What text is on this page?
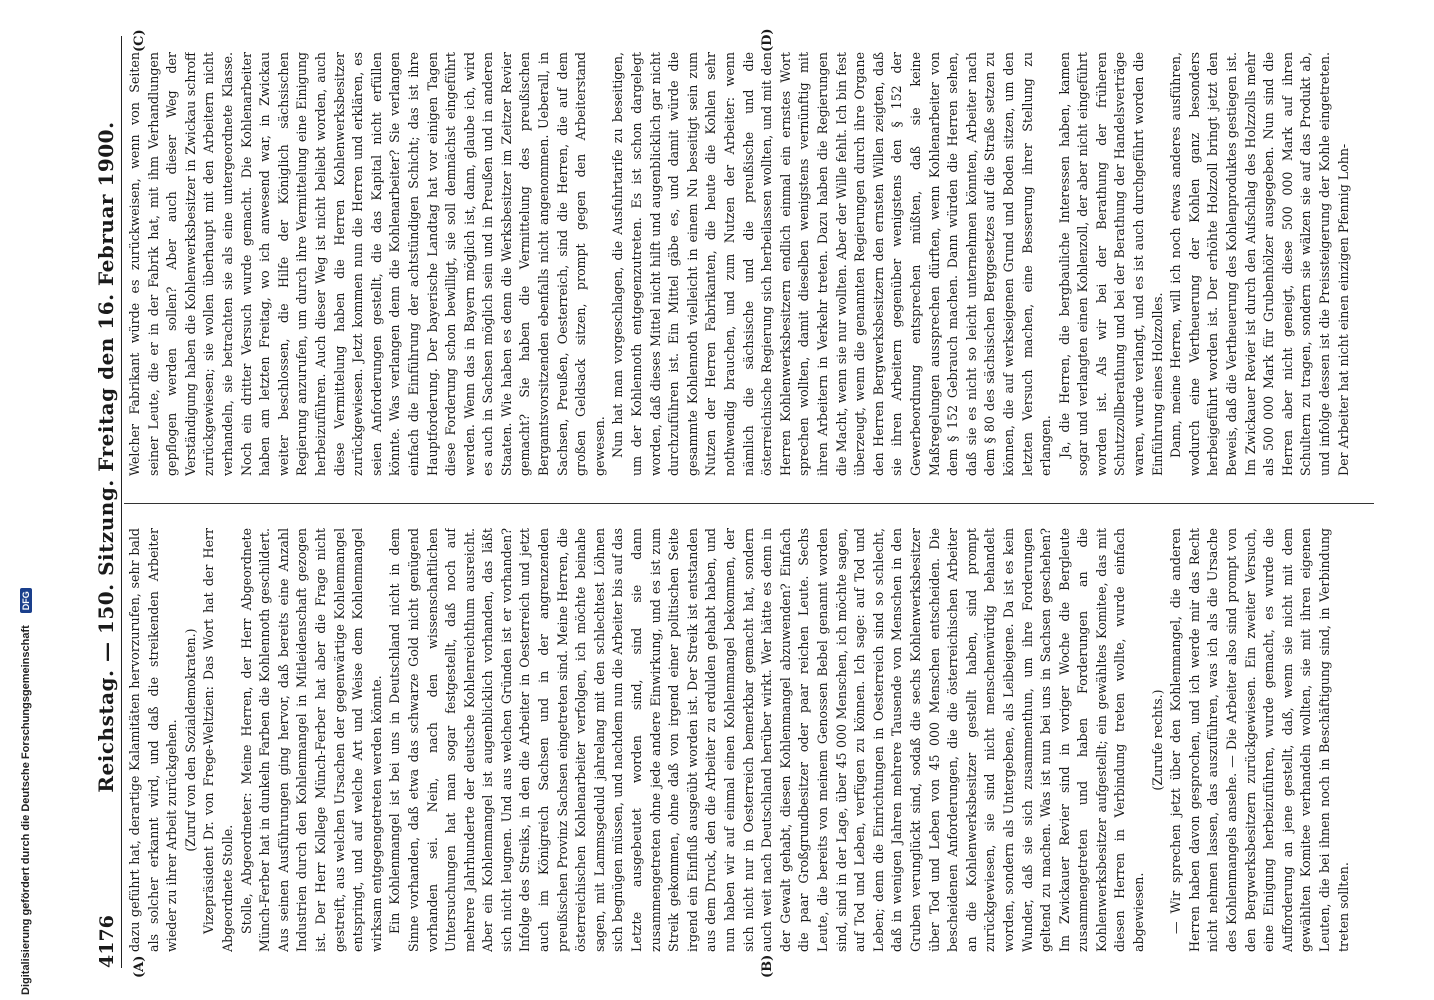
4176
Reichstag. — 150. Sitzung. Freitag den 16. Februar 1900.
(A)	(B)
(C)	(D)

dazu geführt hat, derartige Kalamitäten hervorzurufen, sehr bald als solcher erkannt wird, und daß die streikenden Arbeiter wieder zu ihrer Arbeit zurückgehen. (Zuruf von den Sozialdemokraten.) Vizepräsident Dr. von Frege-Weltzien: Das Wort hat der Herr Abgeordnete Stolle. Stolle, Abgeordneter: Meine Herren, der Herr Abgeordnete Münch-Ferber hat in dunkeln Farben die Kohlennoth geschildert. Aus seinen Ausführungen ging hervor, daß bereits eine Anzahl Industrien durch den Kohlenmangel in Mitleidenschaft gezogen ist. Der Herr Kollege Münch-Ferber hat aber die Frage nicht gestreift, aus welchen Ursachen der gegenwärtige Kohlenmangel entspringt, und auf welche Art und Weise dem Kohlenmangel wirksam entgegengetreten werden könnte. Ein Kohlenmangel ist bei uns in Deutschland nicht in dem Sinne vorhanden, daß etwa das schwarze Gold nicht genügend vorhanden sei. Nein, nach den wissenschaftlichen Untersuchungen hat man sogar festgestellt, daß noch auf mehrere Jahrhunderte der deutsche Kohlenreichthum ausreicht. Aber ein Kohlenmangel ist augenblicklich vorhanden, das läßt sich nicht leugnen. Und aus welchen Gründen ist er vorhanden? Infolge des Streiks, in den die Arbeiter in Oesterreich und jetzt auch im Königreich Sachsen und in der angrenzenden preußischen Provinz Sachsen eingetreten sind. Meine Herren, die österreichischen Kohlenarbeiter verfolgen, ich möchte beinahe sagen, mit Lammsgeduld jahrelang mit den schlechtest Löhnen sich begnügen müssen, und nachdem nun die Arbeiter bis auf das Letzte ausgebeutet worden sind, sind sie dann zusammengetreten ohne jede andere Einwirkung, und es ist zum Streik gekommen, ohne daß von irgend einer politischen Seite irgend ein Einfluß ausgeübt worden ist. Der Streik ist entstanden aus dem Druck, den die Arbeiter zu erdulden gehabt haben, und nun haben wir auf einmal einen Kohlenmangel bekommen, der sich nicht nur in Oesterreich bemerkbar gemacht hat, sondern auch weit nach Deutschland herüber wirkt. Wer hätte es denn in der Gewalt gehabt, diesen Kohlenmangel abzuwenden? Einfach die paar Großgrundbesitzer oder paar reichen Leute. Sechs Leute, die bereits von meinem Genossen Bebel genannt worden sind, sind in der Lage, über 45 000 Menschen, ich möchte sagen, auf Tod und Leben, verfügen zu können. Ich sage: auf Tod und Leben; denn die Einrichtungen in Oesterreich sind so schlecht, daß in wenigen Jahren mehrere Tausende von Menschen in den Gruben verunglückt sind, sodaß die sechs Kohlenwerksbesitzer über Tod und Leben von 45 000 Menschen entscheiden. Die bescheidenen Anforderungen, die die österreichischen Arbeiter an die Kohlenwerksbesitzer gestellt haben, sind prompt zurückgewiesen, sie sind nicht menschenwürdig behandelt worden, sondern als Untergebene, als Leibeigene. Da ist es kein Wunder, daß sie sich zusammenthun, um ihre Forderungen geltend zu machen. Was ist nun bei uns in Sachsen geschehen? Im Zwickauer Revier sind in voriger Woche die Bergleute zusammengetreten und haben Forderungen an die Kohlenwerksbesitzer aufgestellt; ein gewähltes Komitee, das mit diesen Herren in Verbindung treten wollte, wurde einfach abgewiesen.

(Zurufe rechts.) — Wir sprechen jetzt über den Kohlenmangel, die anderen Herren haben davon gesprochen, und ich werde mir das Recht nicht nehmen lassen, das auszuführen, was ich als die Ursache des Kohlenmangels ansehe. — Die Arbeiter also sind prompt von den Bergwerksbesitzern zurückgewiesen. Ein zweiter Versuch, eine Einigung herbeizuführen, wurde gemacht, es wurde die Aufforderung an jene gestellt, daß, wenn sie nicht mit dem gewählten Komitee verhandeln wollten, sie mit ihren eigenen Leuten, die bei ihnen noch in Beschäftigung sind, in Verbindung treten sollten.

Welcher Fabrikant würde es zurückweisen, wenn von Seiten seiner Leute, die er in der Fabrik hat, mit ihm Verhandlungen gepflogen werden sollen? Aber auch dieser Weg der Verständigung haben die Kohlenwerksbesitzer in Zwickau schroff zurückgewiesen; sie wollen überhaupt mit den Arbeitern nicht verhandeln, sie betrachten sie als eine untergeordnete Klasse. Noch ein dritter Versuch wurde gemacht. Die Kohlenarbeiter haben am letzten Freitag, wo ich anwesend war, in Zwickau weiter beschlossen, die Hilfe der Königlich sächsischen Regierung anzurufen, um durch ihre Vermittelung eine Einigung herbeizuführen. Auch dieser Weg ist nicht beliebt worden, auch diese Vermittelung haben die Herren Kohlenwerksbesitzer zurückgewiesen. Jetzt kommen nun die Herren und erklären, es seien Anforderungen gestellt, die das Kapital nicht erfüllen könnte. Was verlangen denn die Kohlenarbeiter? Sie verlangen einfach die Einführung der achtstündigen Schicht; das ist ihre Hauptforderung. Der bayerische Landtag hat vor einigen Tagen diese Forderung schon bewilligt, sie soll demnächst eingeführt werden. Wenn das in Bayern möglich ist, dann, glaube ich, wird es auch in Sachsen möglich sein und in Preußen und in anderen Staaten. Wie haben es denn die Werksbesitzer im Zeitzer Revier gemacht? Sie haben die Vermittelung des preußischen Bergamtsvorsitzenden ebenfalls nicht angenommen. Ueberall, in Sachsen, Preußen, Oesterreich, sind die Herren, die auf dem großen Geldsack sitzen, prompt gegen den Arbeiterstand gewesen. Nun hat man vorgeschlagen, die Ausfuhrtarife zu beseitigen, um der Kohlennoth entgegenzutreten. Es ist schon dargelegt worden, daß dieses Mittel nicht hilft und augenblicklich gar nicht durchzuführen ist. Ein Mittel gäbe es, und damit würde die gesammte Kohlennoth vielleicht in einem Nu beseitigt sein zum Nutzen der Herren Fabrikanten, die heute die Kohlen sehr nothwendig brauchen, und zum Nutzen der Arbeiter: wenn nämlich die sächsische und die preußische und die österreichische Regierung sich herbeilassen wollten, und mit den Herren Kohlenwerksbesitzern endlich einmal ein ernstes Wort sprechen wollten, damit dieselben wenigstens vernünftig mit ihren Arbeitern in Verkehr treten. Dazu haben die Regierungen die Macht, wenn sie nur wollten. Aber der Wille fehlt. Ich bin fest überzeugt, wenn die genannten Regierungen durch ihre Organe den Herren Bergwerksbesitzern den ernsten Willen zeigten, daß sie ihren Arbeitern gegenüber wenigstens den § 152 der Gewerbeordnung entsprechen müßten, daß sie keine Maßregelungen aussprechen dürften, wenn Kohlenarbeiter von dem § 152 Gebrauch machen. Dann würden die Herren sehen, daß sie es nicht so leicht unternehmen könnten, Arbeiter nach dem § 80 des sächsischen Berggesetzes auf die Straße setzen zu können, die auf werkseigenen Grund und Boden sitzen, um den letzten Versuch machen, eine Besserung ihrer Stellung zu erlangen. Ja, die Herren, die bergbauliche Interessen haben, kamen sogar und verlangten einen Kohlenzoll, der aber nicht eingeführt worden ist. Als wir bei der Berathung der früheren Schutzzollberathung und bei der Berathung der Handelsverträge waren, wurde verlangt, und es ist auch durchgeführt worden die Einführung eines Holzzolles. Dann, meine Herren, will ich noch etwas anderes ausführen, wodurch eine Vertheuerung der Kohlen ganz besonders herbeigeführt worden ist. Der erhöhte Holzzoll bringt jetzt den Beweis, daß die Vertheuerung des Kohlenproduktes gestiegen ist. Im Zwickauer Revier ist durch den Aufschlag des Holzzolls mehr als 500 000 Mark für Grubenhölzer ausgegeben. Nun sind die Herren aber nicht geneigt, diese 500 000 Mark auf ihren Schultern zu tragen, sondern sie wälzen sie auf das Produkt ab, und infolge dessen ist die Preissteigerung der Kohle eingetreten. Der Arbeiter hat nicht einen einzigen Pfennig Lohn-

Digitalisierung gefördert durch die Deutsche Forschungsgemeinschaft
DFG
